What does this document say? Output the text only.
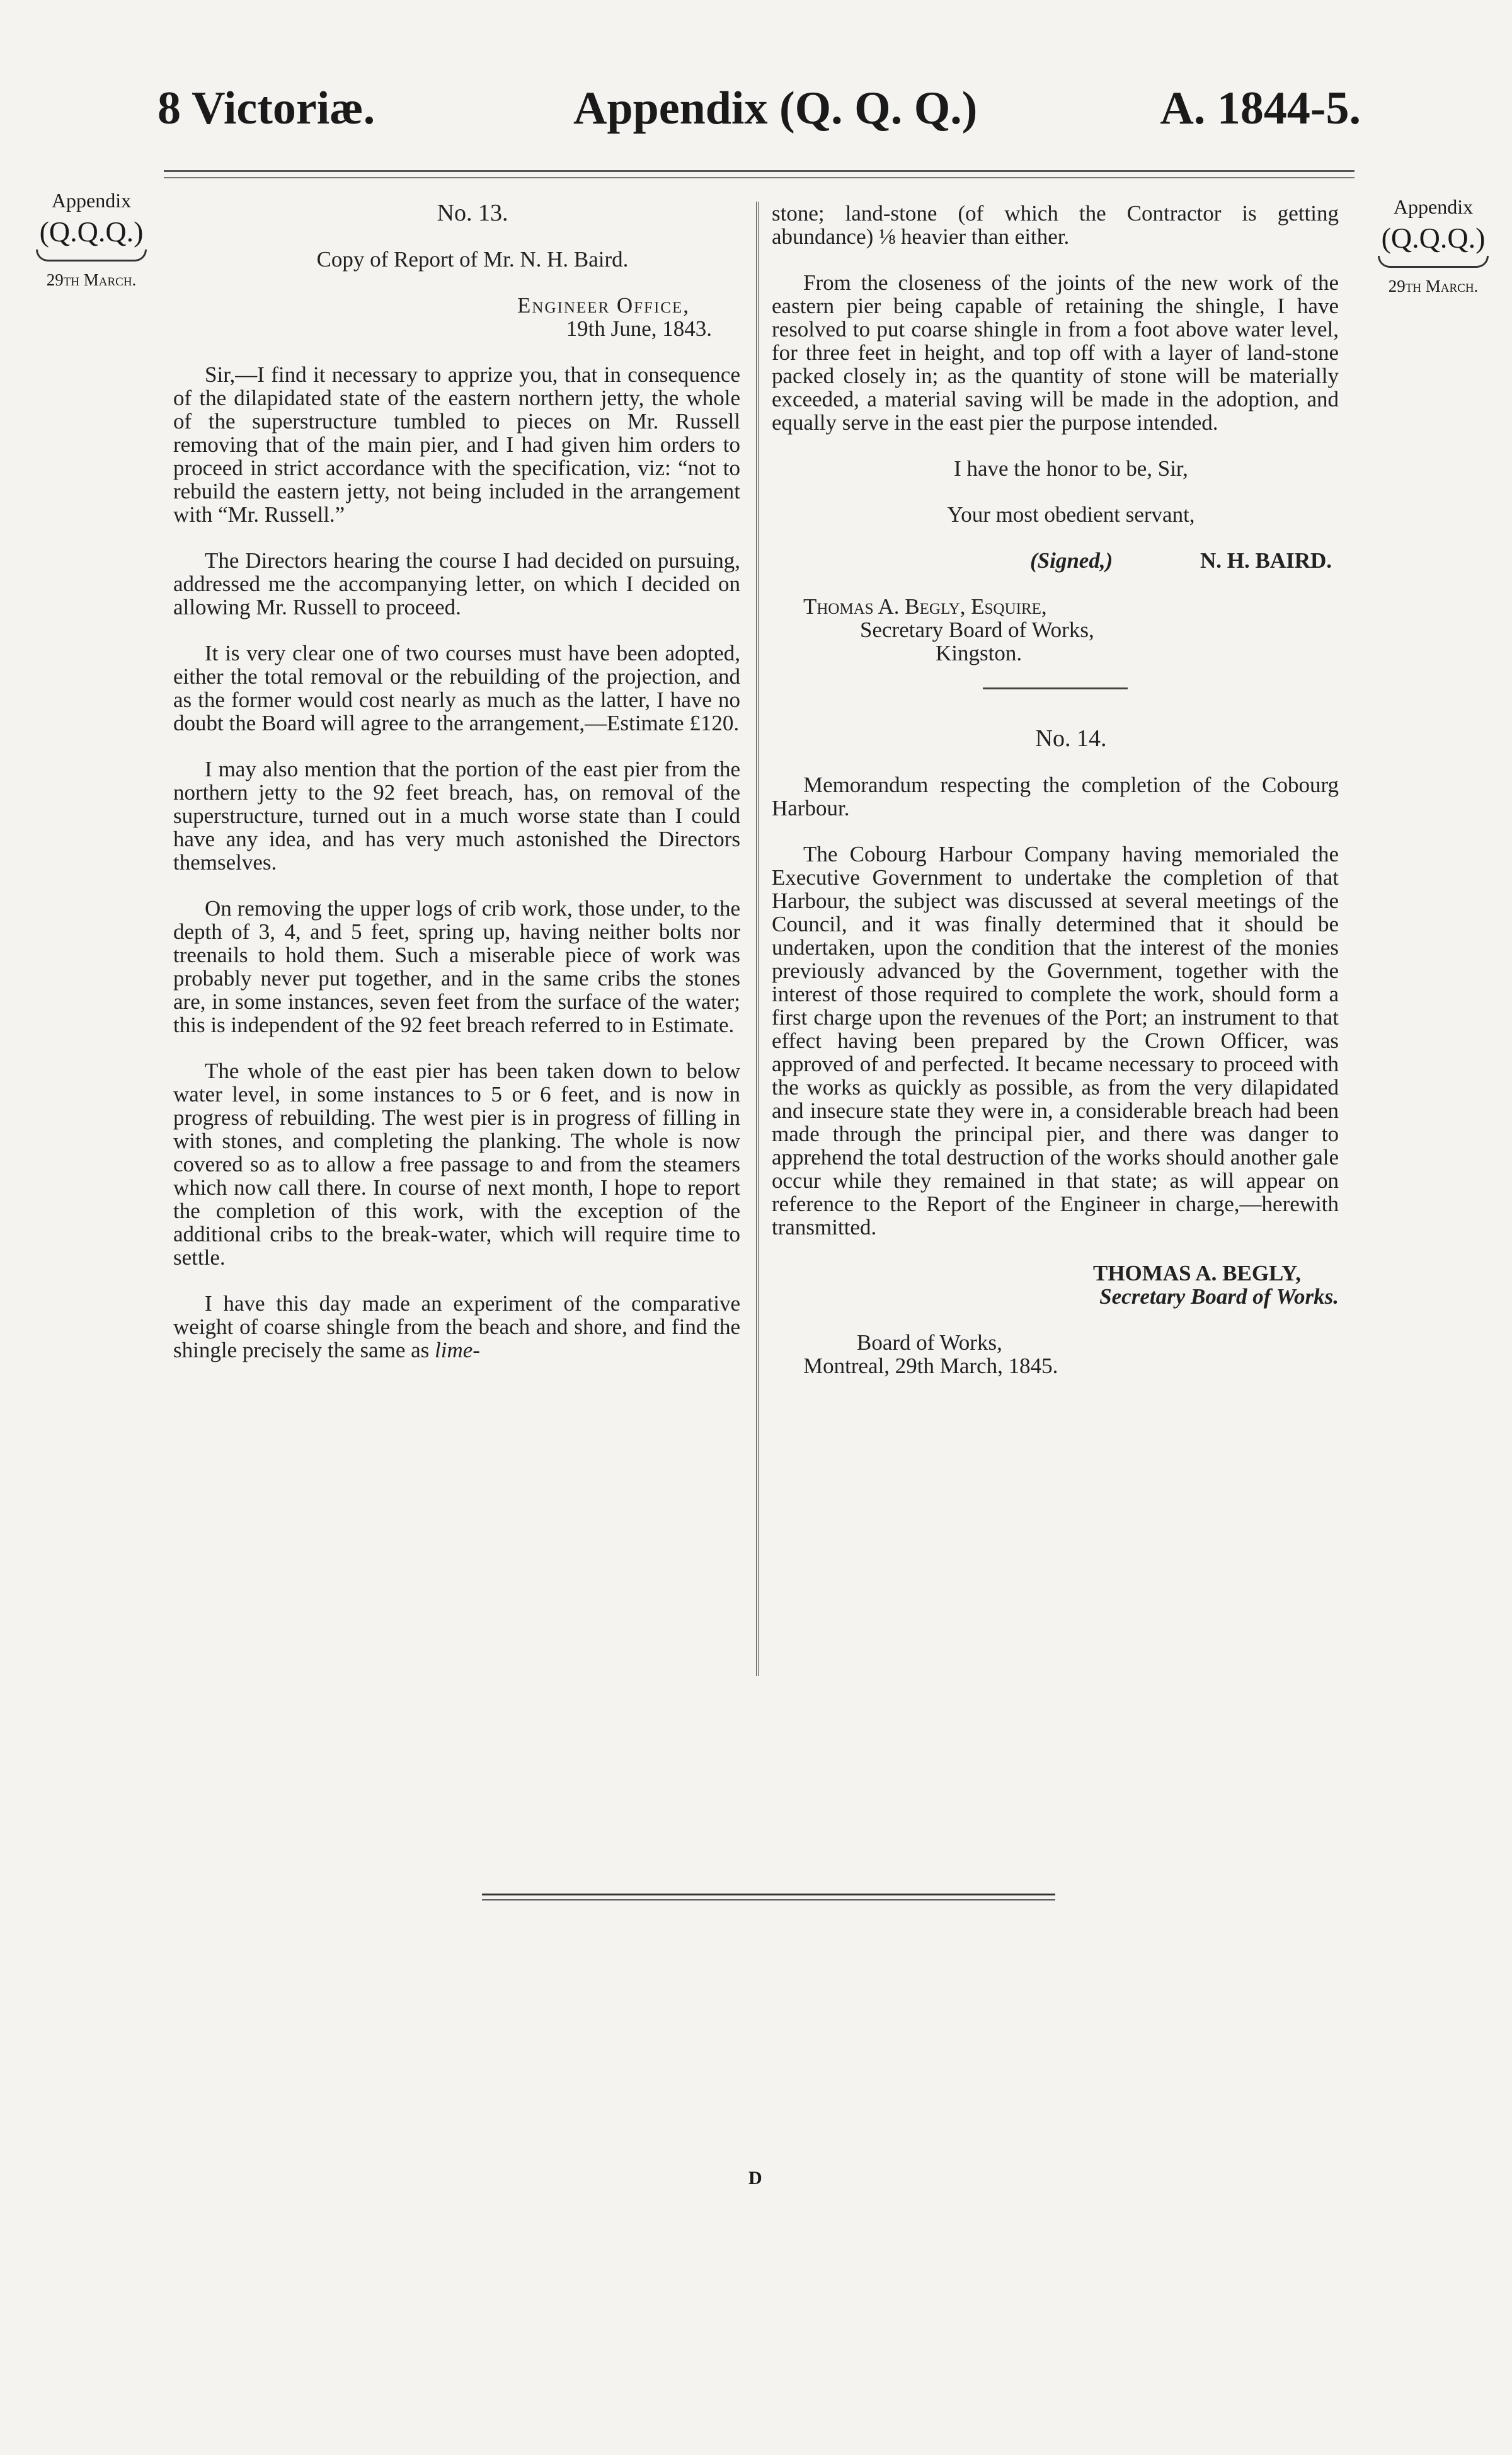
8 Victoriæ.	Appendix (Q. Q. Q.)	A. 1844-5.
Appendix
(Q.Q.Q.)
29th March.
Appendix
(Q.Q.Q.)
29th March.

No. 13.

Copy of Report of Mr. N. H. Baird.

Engineer Office,
19th June, 1843.

Sir,—I find it necessary to apprize you, that in consequence of the dilapidated state of the eastern northern jetty, the whole of the superstructure tumbled to pieces on Mr. Russell removing that of the main pier, and I had given him orders to proceed in strict accordance with the specification, viz: “not to rebuild the eastern jetty, not being included in the arrangement with “Mr. Russell.”

The Directors hearing the course I had decided on pursuing, addressed me the accompanying letter, on which I decided on allowing Mr. Russell to proceed.

It is very clear one of two courses must have been adopted, either the total removal or the rebuilding of the projection, and as the former would cost nearly as much as the latter, I have no doubt the Board will agree to the arrangement,—Estimate £120.

I may also mention that the portion of the east pier from the northern jetty to the 92 feet breach, has, on removal of the superstructure, turned out in a much worse state than I could have any idea, and has very much astonished the Directors themselves.

On removing the upper logs of crib work, those under, to the depth of 3, 4, and 5 feet, spring up, having neither bolts nor treenails to hold them. Such a miserable piece of work was probably never put together, and in the same cribs the stones are, in some instances, seven feet from the surface of the water; this is independent of the 92 feet breach referred to in Estimate.

The whole of the east pier has been taken down to below water level, in some instances to 5 or 6 feet, and is now in progress of rebuilding. The west pier is in progress of filling in with stones, and completing the planking. The whole is now covered so as to allow a free passage to and from the steamers which now call there. In course of next month, I hope to report the completion of this work, with the exception of the additional cribs to the break-water, which will require time to settle.

I have this day made an experiment of the comparative weight of coarse shingle from the beach and shore, and find the shingle precisely the same as lime-

stone; land-stone (of which the Contractor is getting abundance) ⅛ heavier than either.

From the closeness of the joints of the new work of the eastern pier being capable of retaining the shingle, I have resolved to put coarse shingle in from a foot above water level, for three feet in height, and top off with a layer of land-stone packed closely in; as the quantity of stone will be materially exceeded, a material saving will be made in the adoption, and equally serve in the east pier the purpose intended.

I have the honor to be, Sir,

Your most obedient servant,

(Signed,)	N. H. BAIRD.

Thomas A. Begly, Esquire,
Secretary Board of Works,
Kingston.

No. 14.

Memorandum respecting the completion of the Cobourg Harbour.

The Cobourg Harbour Company having memorialed the Executive Government to undertake the completion of that Harbour, the subject was discussed at several meetings of the Council, and it was finally determined that it should be undertaken, upon the condition that the interest of the monies previously advanced by the Government, together with the interest of those required to complete the work, should form a first charge upon the revenues of the Port; an instrument to that effect having been prepared by the Crown Officer, was approved of and perfected. It became necessary to proceed with the works as quickly as possible, as from the very dilapidated and insecure state they were in, a considerable breach had been made through the principal pier, and there was danger to apprehend the total destruction of the works should another gale occur while they remained in that state; as will appear on reference to the Report of the Engineer in charge,—herewith transmitted.

THOMAS A. BEGLY,
Secretary Board of Works.

Board of Works,
Montreal, 29th March, 1845.

D
